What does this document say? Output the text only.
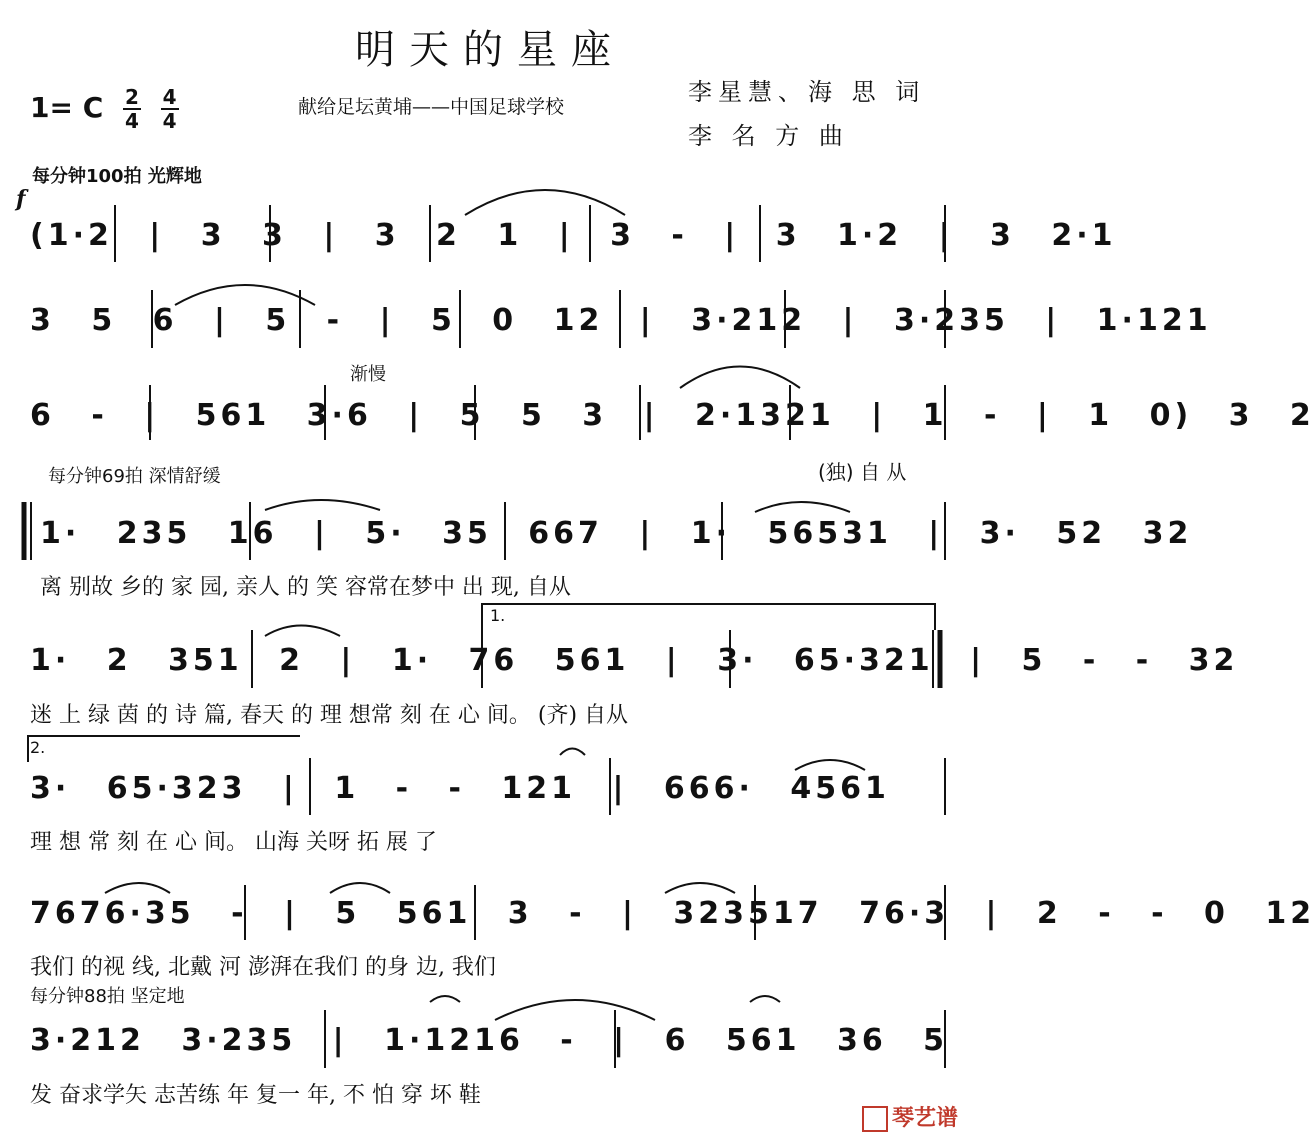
明天的星座
1= C $\frac{2}{4}$
$\frac{4}{4}$	献给足坛黄埔——中国足球学校
李星慧、海 思 词
李 名 方 曲
每分钟100拍 光辉地
f
渐慢
每分钟69拍 深情舒缓	(独) 自 从
1.
2.
每分钟88拍 坚定地
(1·2 | 3 3 | 3 2 1 | 3 - | 3 1·2 | 3 2·1
3 5 6 | 5 - | 5 0 12 | 3·212 | 3·235 | 1·121
6 - | 561 3·6 | 5 5 3 | 2·1321 | 1 - | 1 0) 3 2
1· 235 16 | 5· 35 667 | 1· 56531 | 3· 52 32
离 别故 乡的 家 园, 亲人 的 笑 容常在梦中 出 现, 自从
1· 2 351 2 | 1· 76 561 | 3· 65·321 | 5 - - 32
迷 上 绿 茵 的 诗 篇, 春天 的 理 想常 刻 在 心 间。 (齐) 自从
3· 65·323 | 1 - - 121 | 666· 4561
理 想 常 刻 在 心 间。 山海 关呀 拓 展 了
7676·35 - | 5 561 3 - | 323517 76·3 | 2 - - 0 12
我们 的视 线, 北戴 河 澎湃在我们 的身 边, 我们
3·212 3·235 | 1·1216 - | 6 561 36 5
发 奋求学矢 志苦练 年 复一 年, 不 怕 穿 坏 鞋
琴艺谱
